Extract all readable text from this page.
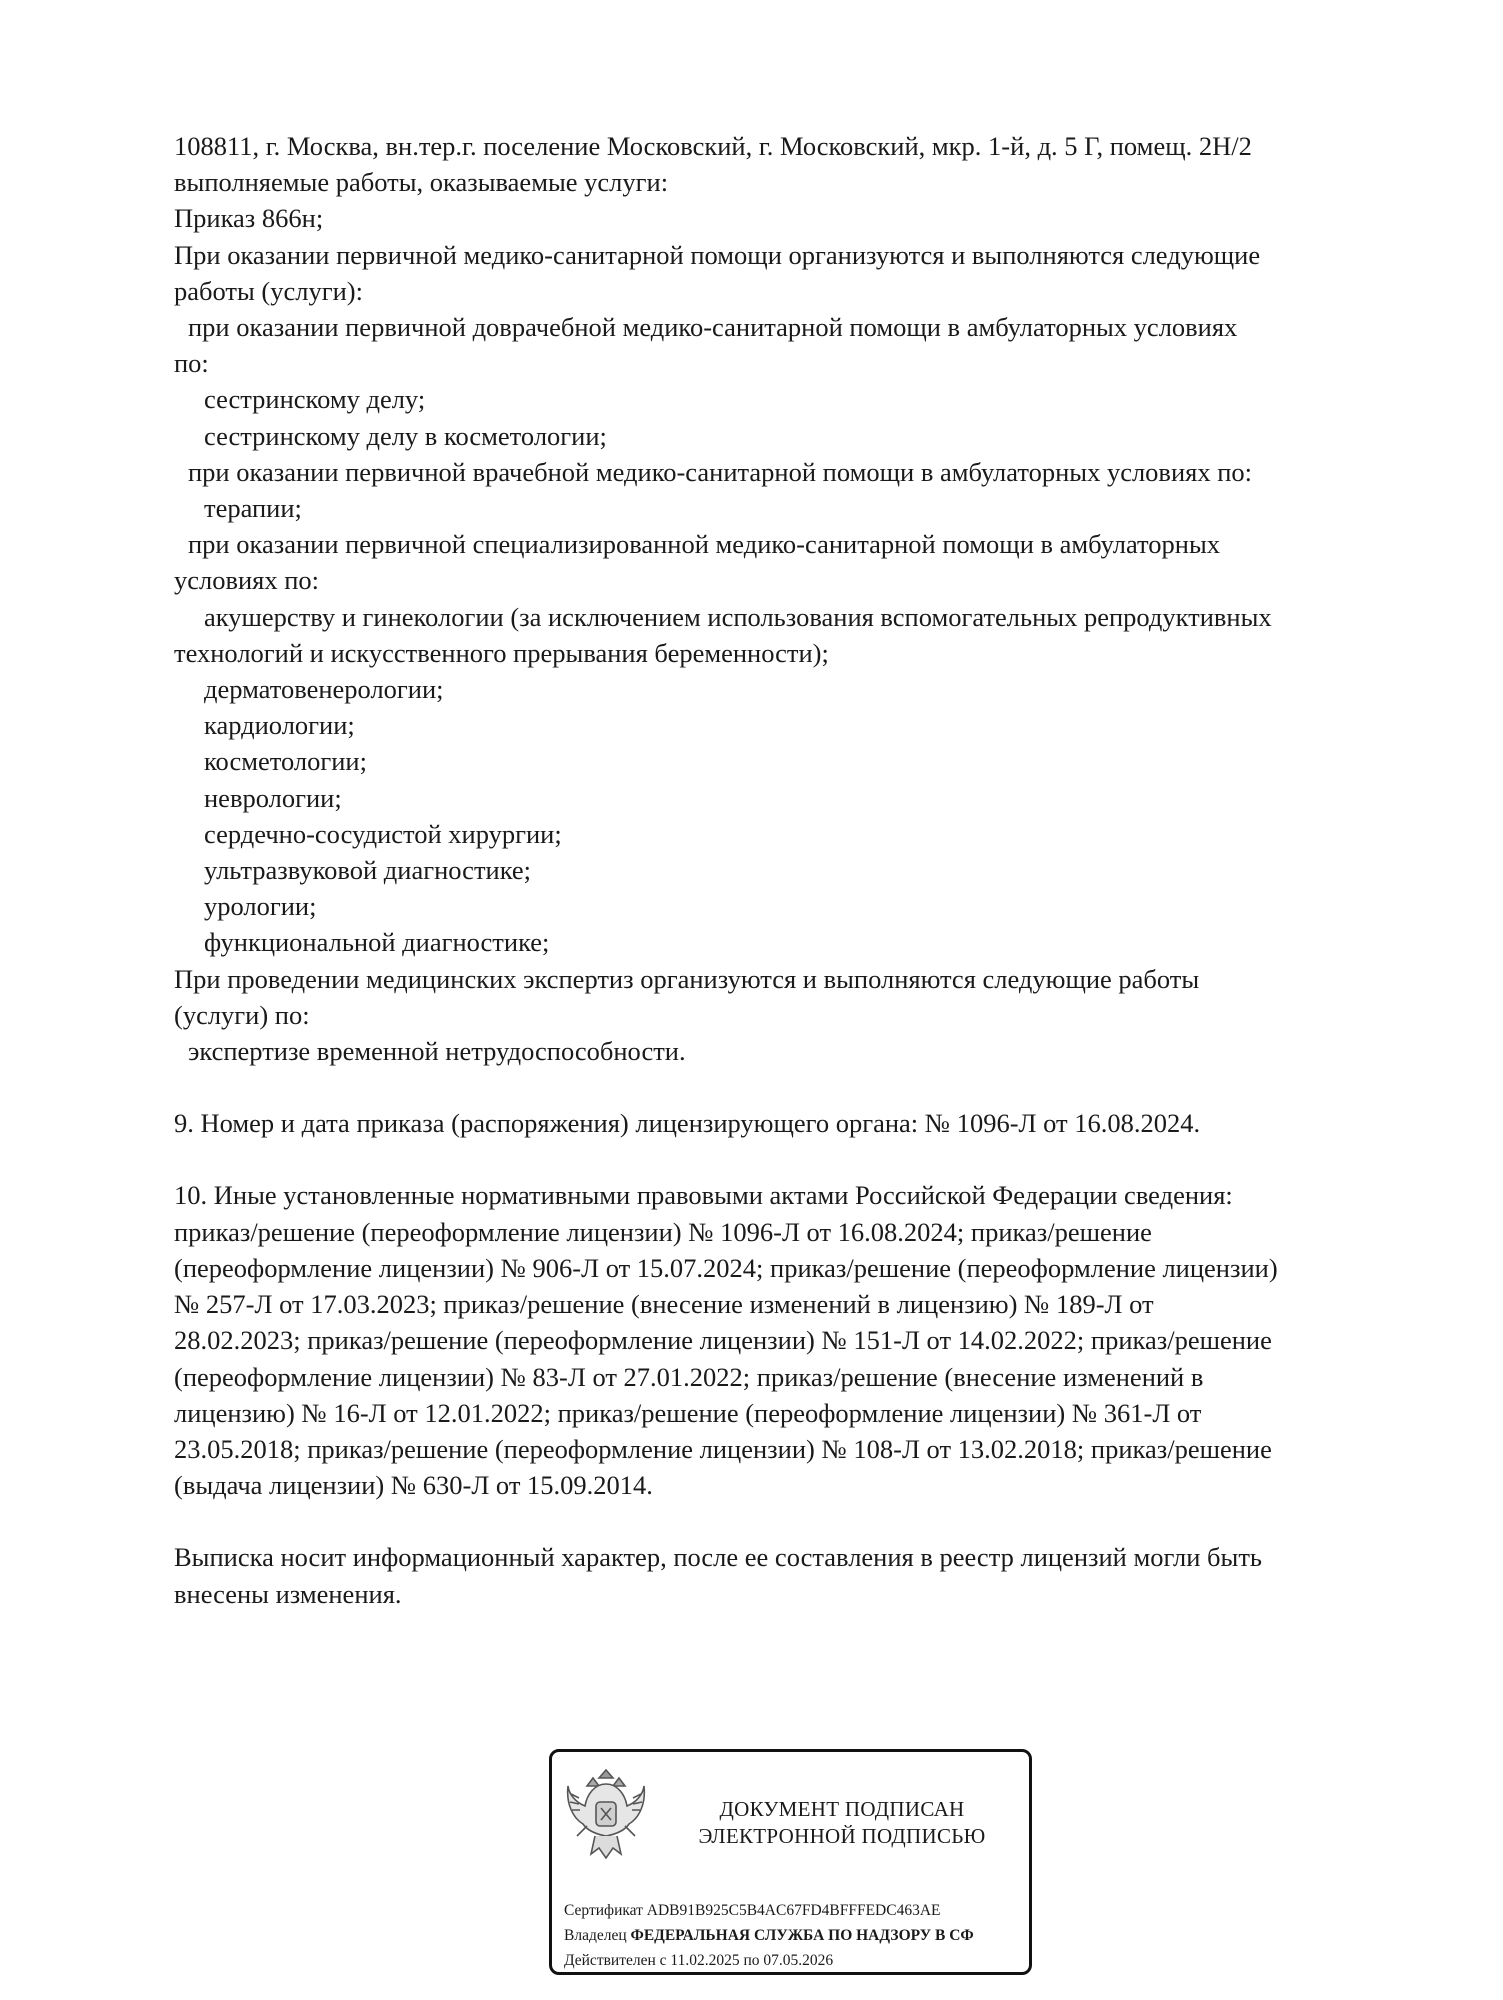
108811, г. Москва, вн.тер.г. поселение Московский, г. Московский, мкр. 1-й, д. 5 Г, помещ. 2Н/2
выполняемые работы, оказываемые услуги:
Приказ 866н;
При оказании первичной медико-санитарной помощи организуются и выполняются следующие
работы (услуги):
при оказании первичной доврачебной медико-санитарной помощи в амбулаторных условиях
по:
сестринскому делу;
сестринскому делу в косметологии;
при оказании первичной врачебной медико-санитарной помощи в амбулаторных условиях по:
терапии;
при оказании первичной специализированной медико-санитарной помощи в амбулаторных
условиях по:
акушерству и гинекологии (за исключением использования вспомогательных репродуктивных
технологий и искусственного прерывания беременности);
дерматовенерологии;
кардиологии;
косметологии;
неврологии;
сердечно-сосудистой хирургии;
ультразвуковой диагностике;
урологии;
функциональной диагностике;
При проведении медицинских экспертиз организуются и выполняются следующие работы
(услуги) по:
экспертизе временной нетрудоспособности.
9. Номер и дата приказа (распоряжения) лицензирующего органа: № 1096-Л от 16.08.2024.
10. Иные установленные нормативными правовыми актами Российской Федерации сведения:
приказ/решение (переоформление лицензии) № 1096-Л от 16.08.2024; приказ/решение
(переоформление лицензии) № 906-Л от 15.07.2024; приказ/решение (переоформление лицензии)
№ 257-Л от 17.03.2023; приказ/решение (внесение изменений в лицензию) № 189-Л от
28.02.2023; приказ/решение (переоформление лицензии) № 151-Л от 14.02.2022; приказ/решение
(переоформление лицензии) № 83-Л от 27.01.2022; приказ/решение (внесение изменений в
лицензию) № 16-Л от 12.01.2022; приказ/решение (переоформление лицензии) № 361-Л от
23.05.2018; приказ/решение (переоформление лицензии) № 108-Л от 13.02.2018; приказ/решение
(выдача лицензии) № 630-Л от 15.09.2014.
Выписка носит информационный характер, после ее составления в реестр лицензий могли быть
внесены изменения.
ДОКУМЕНТ ПОДПИСАН
ЭЛЕКТРОННОЙ ПОДПИСЬЮ
Сертификат ADB91B925C5B4AC67FD4BFFFEDC463AE
Владелец ФЕДЕРАЛЬНАЯ СЛУЖБА ПО НАДЗОРУ В СФ
Действителен с 11.02.2025 по 07.05.2026
